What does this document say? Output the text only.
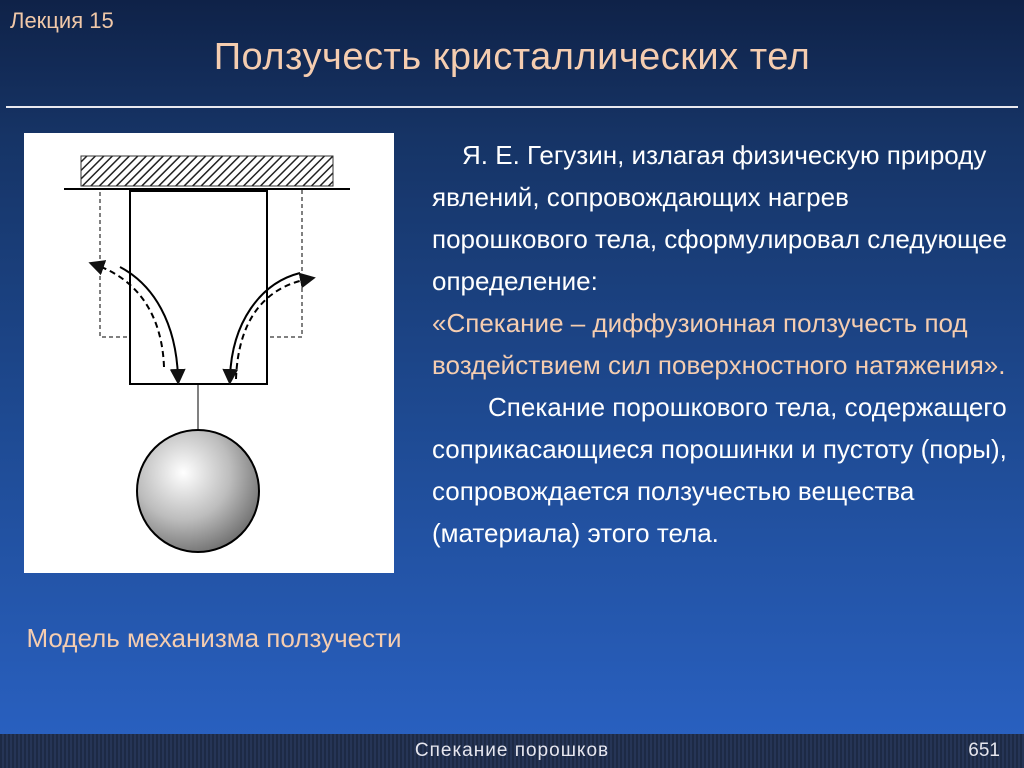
Лекция 15
Ползучесть кристаллических тел
Модель механизма ползучести

Я. Е. Гегузин, излагая физическую природу явлений, сопровождающих нагрев порошкового тела, сформулировал следующее определение:

«Спекание – диффузионная ползучесть под воздействием сил поверхностного натяжения».

Спекание порошкового тела, содержащего соприкасающиеся порошинки и пустоту (поры), сопровождается ползучестью вещества (материала) этого тела.

Спекание порошков	651
